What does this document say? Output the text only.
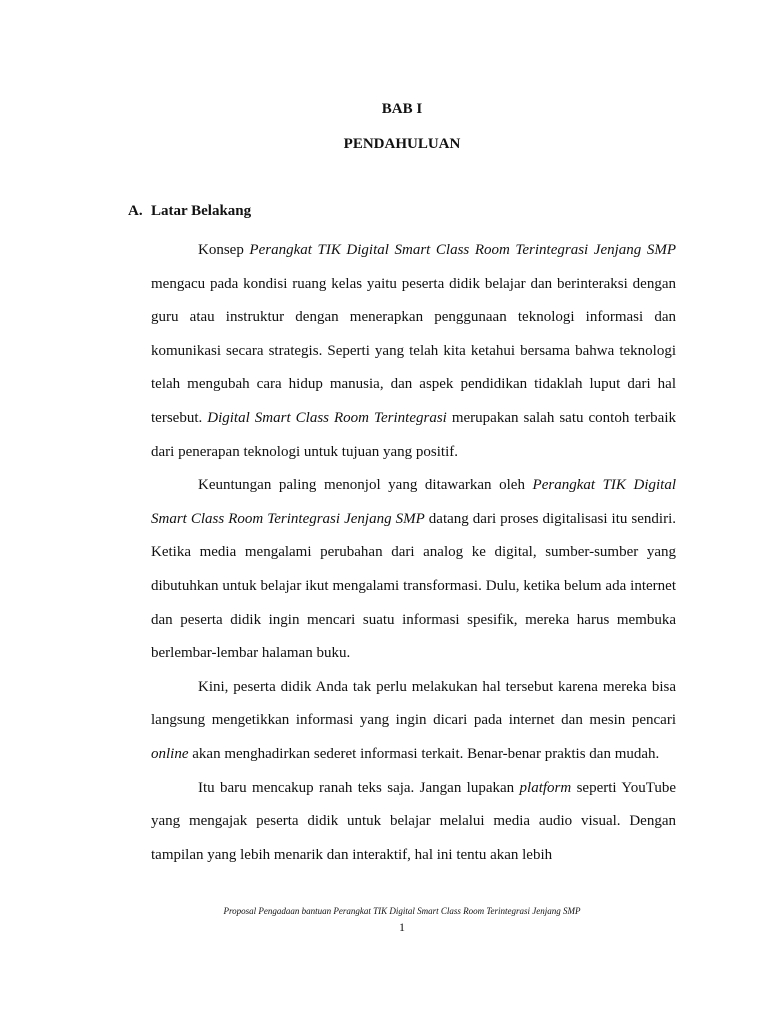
BAB I
PENDAHULUAN
A. Latar Belakang

Konsep Perangkat TIK Digital Smart Class Room Terintegrasi Jenjang SMP mengacu pada kondisi ruang kelas yaitu peserta didik belajar dan berinteraksi dengan guru atau instruktur dengan menerapkan penggunaan teknologi informasi dan komunikasi secara strategis. Seperti yang telah kita ketahui bersama bahwa teknologi telah mengubah cara hidup manusia, dan aspek pendidikan tidaklah luput dari hal tersebut. Digital Smart Class Room Terintegrasi merupakan salah satu contoh terbaik dari penerapan teknologi untuk tujuan yang positif.

Keuntungan paling menonjol yang ditawarkan oleh Perangkat TIK Digital Smart Class Room Terintegrasi Jenjang SMP datang dari proses digitalisasi itu sendiri. Ketika media mengalami perubahan dari analog ke digital, sumber-sumber yang dibutuhkan untuk belajar ikut mengalami transformasi. Dulu, ketika belum ada internet dan peserta didik ingin mencari suatu informasi spesifik, mereka harus membuka berlembar-lembar halaman buku.

Kini, peserta didik Anda tak perlu melakukan hal tersebut karena mereka bisa langsung mengetikkan informasi yang ingin dicari pada internet dan mesin pencari online akan menghadirkan sederet informasi terkait. Benar-benar praktis dan mudah.

Itu baru mencakup ranah teks saja. Jangan lupakan platform seperti YouTube yang mengajak peserta didik untuk belajar melalui media audio visual. Dengan tampilan yang lebih menarik dan interaktif, hal ini tentu akan lebih

Proposal Pengadaan bantuan Perangkat TIK Digital Smart Class Room Terintegrasi Jenjang SMP
1
